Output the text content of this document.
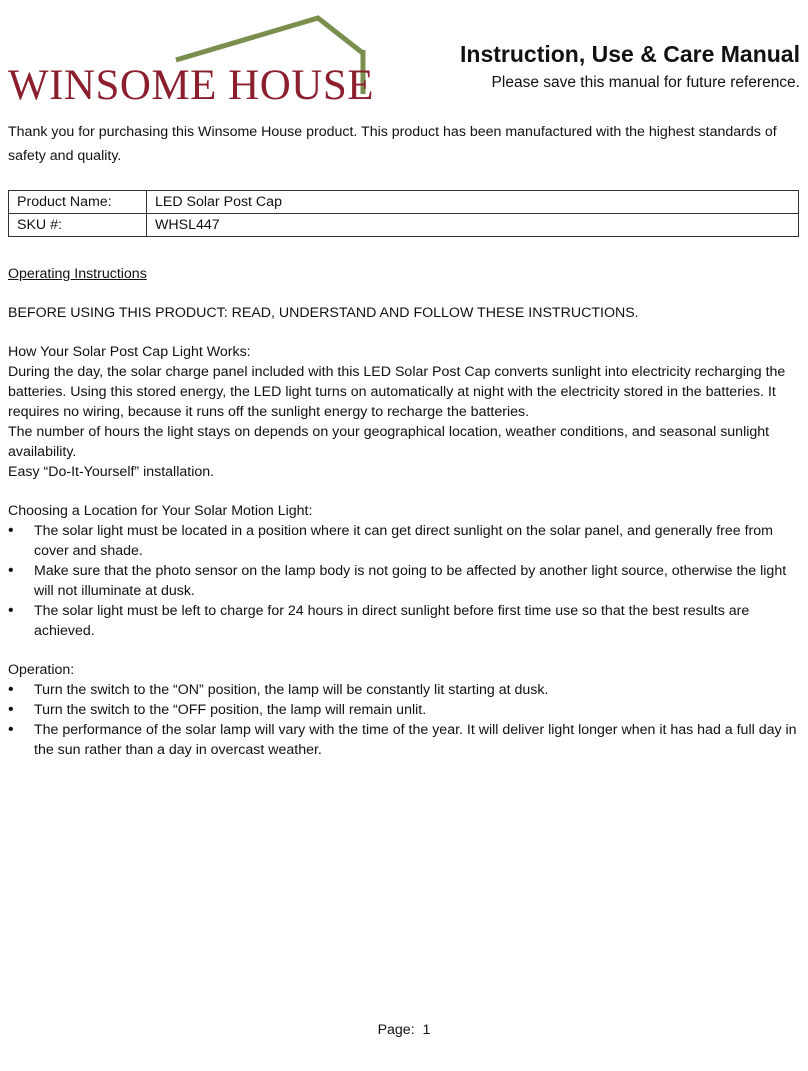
WINSOME HOUSE
Instruction, Use & Care Manual
Please save this manual for future reference.
Thank you for purchasing this Winsome House product. This product has been manufactured with the highest standards of safety and quality.
Product Name:	LED Solar Post Cap
SKU #:	WHSL447

Operating Instructions

BEFORE USING THIS PRODUCT: READ, UNDERSTAND AND FOLLOW THESE INSTRUCTIONS.

How Your Solar Post Cap Light Works:

During the day, the solar charge panel included with this LED Solar Post Cap converts sunlight into electricity recharging the batteries. Using this stored energy, the LED light turns on automatically at night with the electricity stored in the batteries. It requires no wiring, because it runs off the sunlight energy to recharge the batteries.

The number of hours the light stays on depends on your geographical location, weather conditions, and seasonal sunlight availability.

Easy “Do-It-Yourself” installation.

Choosing a Location for Your Solar Motion Light:

• The solar light must be located in a position where it can get direct sunlight on the solar panel, and generally free from cover and shade.
• Make sure that the photo sensor on the lamp body is not going to be affected by another light source, otherwise the light will not illuminate at dusk.
• The solar light must be left to charge for 24 hours in direct sunlight before first time use so that the best results are achieved.

Operation:

• Turn the switch to the “ON” position, the lamp will be constantly lit starting at dusk.
• Turn the switch to the “OFF position, the lamp will remain unlit.
• The performance of the solar lamp will vary with the time of the year. It will deliver light longer when it has had a full day in the sun rather than a day in overcast weather.
Page: 1
